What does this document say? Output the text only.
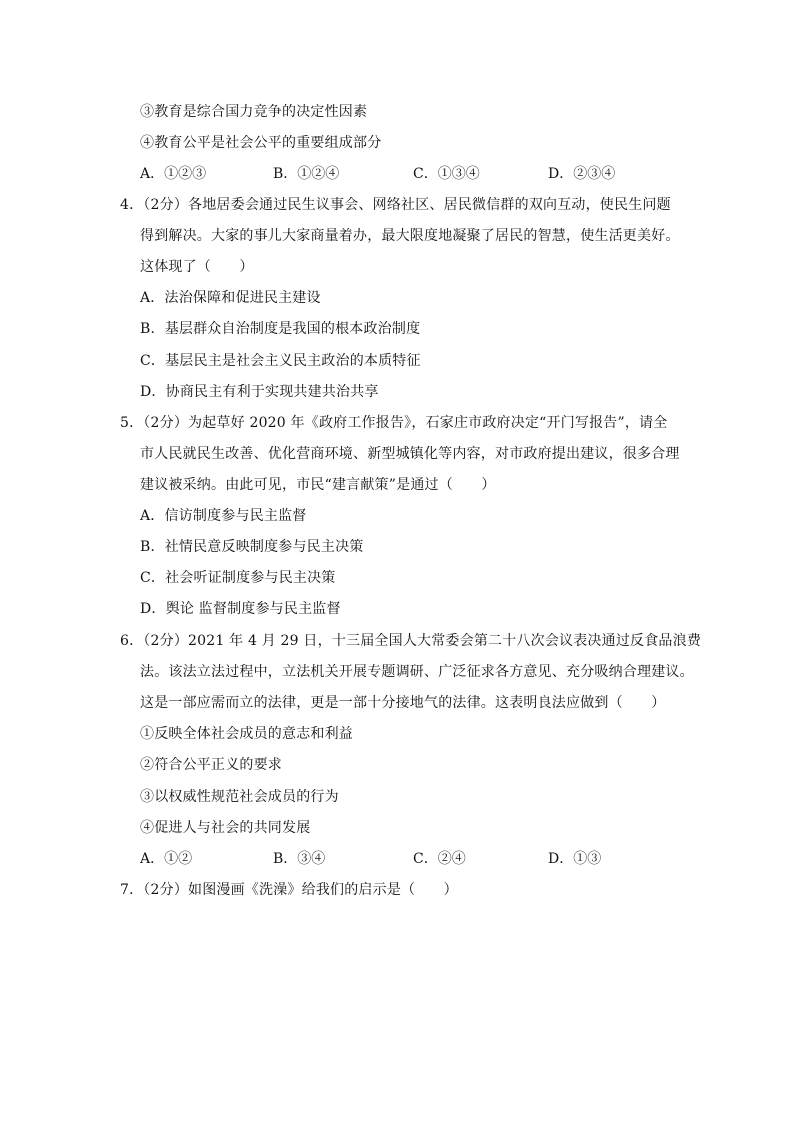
③教育是综合国力竞争的决定性因素
④教育公平是社会公平的重要组成部分
A．①②③	B．①②④	C．①③④	D．②③④
4．（2分）各地居委会通过民生议事会、网络社区、居民微信群的双向互动，使民生问题
得到解决。大家的事儿大家商量着办，最大限度地凝聚了居民的智慧，使生活更美好。
这体现了（　　）
A．法治保障和促进民主建设
B．基层群众自治制度是我国的根本政治制度
C．基层民主是社会主义民主政治的本质特征
D．协商民主有利于实现共建共治共享
5．（2分）为起草好 2020 年《政府工作报告》，石家庄市政府决定“开门写报告”，请全
市人民就民生改善、优化营商环境、新型城镇化等内容，对市政府提出建议，很多合理
建议被采纳。由此可见，市民“建言献策”是通过（　　）
A．信访制度参与民主监督
B．社情民意反映制度参与民主决策
C．社会听证制度参与民主决策
D．舆论 监督制度参与民主监督
6．（2分）2021 年 4 月 29 日，十三届全国人大常委会第二十八次会议表决通过反食品浪费
法。该法立法过程中，立法机关开展专题调研、广泛征求各方意见、充分吸纳合理建议。
这是一部应需而立的法律，更是一部十分接地气的法律。这表明良法应做到（　　）
①反映全体社会成员的意志和利益
②符合公平正义的要求
③以权威性规范社会成员的行为
④促进人与社会的共同发展
A．①②	B．③④	C．②④	D．①③
7．（2分）如图漫画《洗澡》给我们的启示是（　　）
